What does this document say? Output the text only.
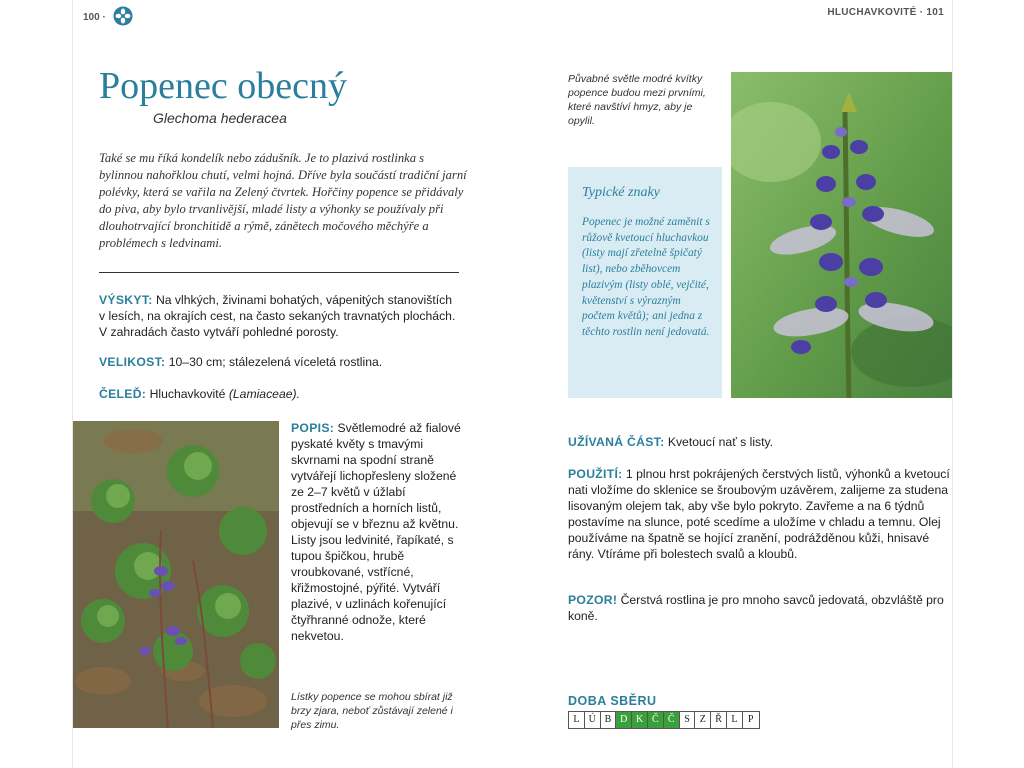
100 ·
Popenec obecný
Glechoma hederacea

Také se mu říká kondelík nebo zádušník. Je to plazivá rostlinka s bylinnou nahořklou chutí, velmi hojná. Dříve byla součástí tradiční jarní polévky, která se vařila na Zelený čtvrtek. Hořčiny popence se přidávaly do piva, aby bylo trvanlivější, mladé listy a výhonky se používaly při dlouhotrvající bronchitidě a rýmě, zánětech močového měchýře a problémech s ledvinami.

VÝSKYT: Na vlhkých, živinami bohatých, vápenitých stanovištích v lesích, na okrajích cest, na často sekaných travnatých plochách. V zahradách často vytváří pohledné porosty.
VELIKOST: 10–30 cm; stálezelená víceletá rostlina.
ČELEĎ: Hluchavkovité (Lamiaceae).
POPIS: Světlemodré až fialové pyskaté květy s tmavými skvrnami na spodní straně vytvářejí lichopřesleny složené ze 2–7 květů v úžlabí prostředních a horních listů, objevují se v březnu až květnu. Listy jsou ledvinité, řapíkaté, s tupou špičkou, hrubě vroubkované, vstřícné, křižmostojné, pýřité. Vytváří plazivé, v uzlinách kořenující čtyřhranné odnože, které nekvetou.
Lístky popence se mohou sbírat již brzy zjara, neboť zůstávají zelené i přes zimu.
HLUCHAVKOVITÉ · 101
Půvabné světle modré kvítky popence budou mezi prvními, které navštíví hmyz, aby je opylil.
Typické znaky
Popenec je možné zaměnit s růžově kvetoucí hluchavkou (listy mají zřetelně špičatý list), nebo zběhovcem plazivým (listy oblé, vejčité, květenství s výrazným počtem květů); ani jedna z těchto rostlin není jedovatá.
UŽÍVANÁ ČÁST: Kvetoucí nať s listy.
POUŽITÍ: 1 plnou hrst pokrájených čerstvých listů, výhonků a kvetoucí nati vložíme do sklenice se šroubovým uzávěrem, zalijeme za studena lisovaným olejem tak, aby vše bylo pokryto. Zavřeme a na 6 týdnů postavíme na slunce, poté scedíme a uložíme v chladu a temnu. Olej používáme na špatně se hojící zranění, podrážděnou kůži, hnisavé rány. Vtíráme při bolestech svalů a kloubů.
POZOR! Čerstvá rostlina je pro mnoho savců jedovatá, obzvláště pro koně.
DOBA SBĚRU
L Ú B D K Č Č S Z Ř L	P
